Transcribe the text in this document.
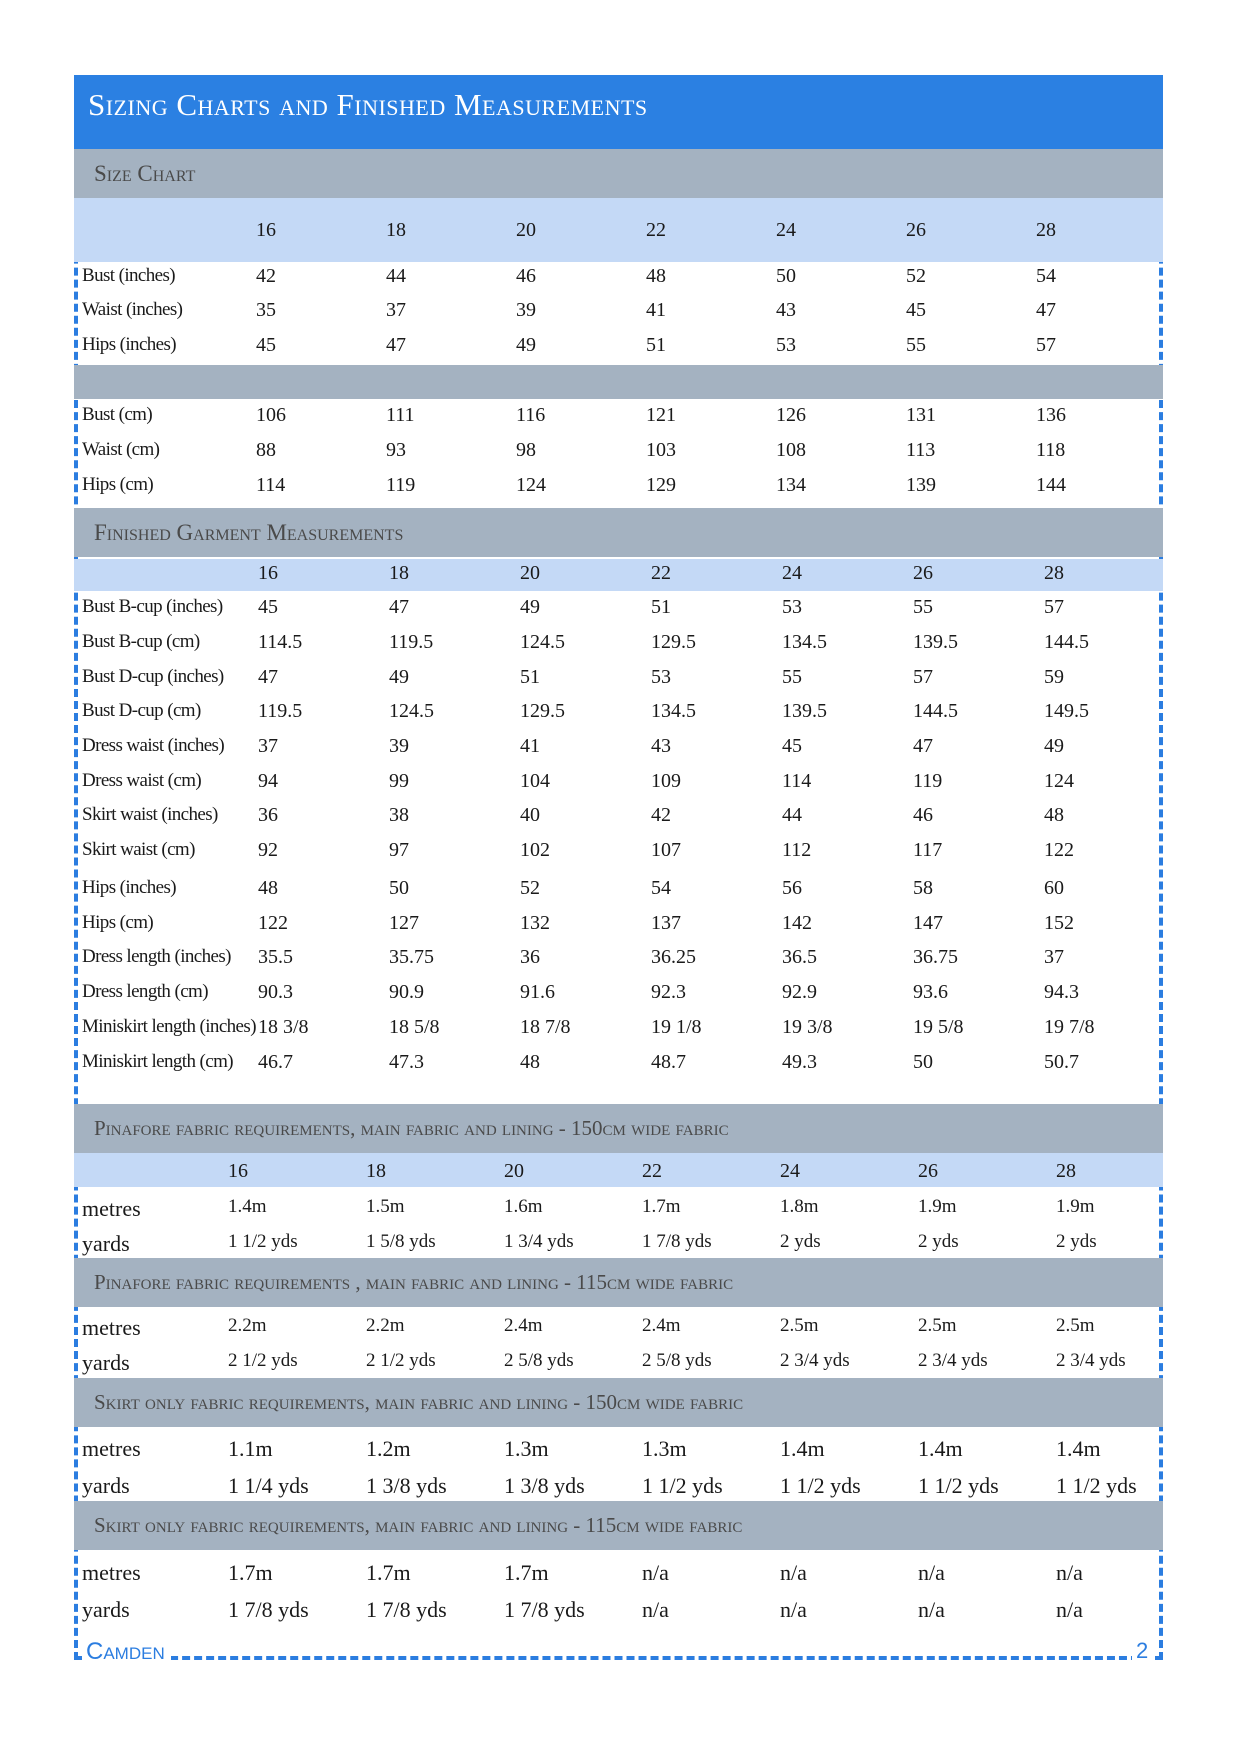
Sizing Charts and Finished Measurements
Size Chart
16	18	20	22	24	26	28
Bust (inches)	42	44	46	48	50	52	54
Waist (inches)	35	37	39	41	43	45	47
Hips (inches)	45	47	49	51	53	55	57
Bust (cm)	106	111	116	121	126	131	136
Waist (cm)	88	93	98	103	108	113	118
Hips (cm)	114	119	124	129	134	139	144
Finished Garment Measurements
16	18	20	22	24	26	28
Bust B-cup (inches) 45	47	49	51	53	55	57
Bust B-cup (cm)	114.5	119.5	124.5	129.5	134.5	139.5	144.5
Bust D-cup (inches) 47	49	51	53	55	57	59
Bust D-cup (cm)	119.5	124.5	129.5	134.5	139.5	144.5	149.5
Dress waist (inches) 37	39	41	43	45	47	49
Dress waist (cm)	94	99	104	109	114	119	124
Skirt waist (inches) 36	38	40	42	44	46	48
Skirt waist (cm)	92	97	102	107	112	117	122
Hips (inches)	48	50	52	54	56	58	60
Hips (cm)	122	127	132	137	142	147	152
Dress length (inches) 35.5	35.75	36	36.25	36.5	36.75	37
Dress length (cm)	90.3	90.9	91.6	92.3	92.9	93.6	94.3
Miniskirt length (inches) 18 3/8	18 5/8	18 7/8	19 1/8	19 3/8	19 5/8	19 7/8
Miniskirt length (cm) 46.7	47.3	48	48.7	49.3	50	50.7
Pinafore fabric requirements, main fabric and lining - 150cm wide fabric
16	18	20	22	24	26	28
metres	1.4m	1.5m	1.6m	1.7m	1.8m	1.9m	1.9m
yards	1 1/2 yds	1 5/8 yds	1 3/4 yds	1 7/8 yds	2 yds	2 yds	2 yds
Pinafore fabric requirements , main fabric and lining - 115cm wide fabric
metres	2.2m	2.2m	2.4m	2.4m	2.5m	2.5m	2.5m
yards	2 1/2 yds	2 1/2 yds	2 5/8 yds	2 5/8 yds	2 3/4 yds	2 3/4 yds	2 3/4 yds
Skirt only fabric requirements, main fabric and lining - 150cm wide fabric
metres	1.1m	1.2m	1.3m	1.3m	1.4m	1.4m	1.4m
yards	1 1/4 yds	1 3/8 yds	1 3/8 yds	1 1/2 yds	1 1/2 yds	1 1/2 yds	1 1/2 yds
Skirt only fabric requirements, main fabric and lining - 115cm wide fabric
metres	1.7m	1.7m	1.7m	n/a	n/a	n/a	n/a
yards	1 7/8 yds	1 7/8 yds	1 7/8 yds	n/a	n/a	n/a	n/a
Camden	2
